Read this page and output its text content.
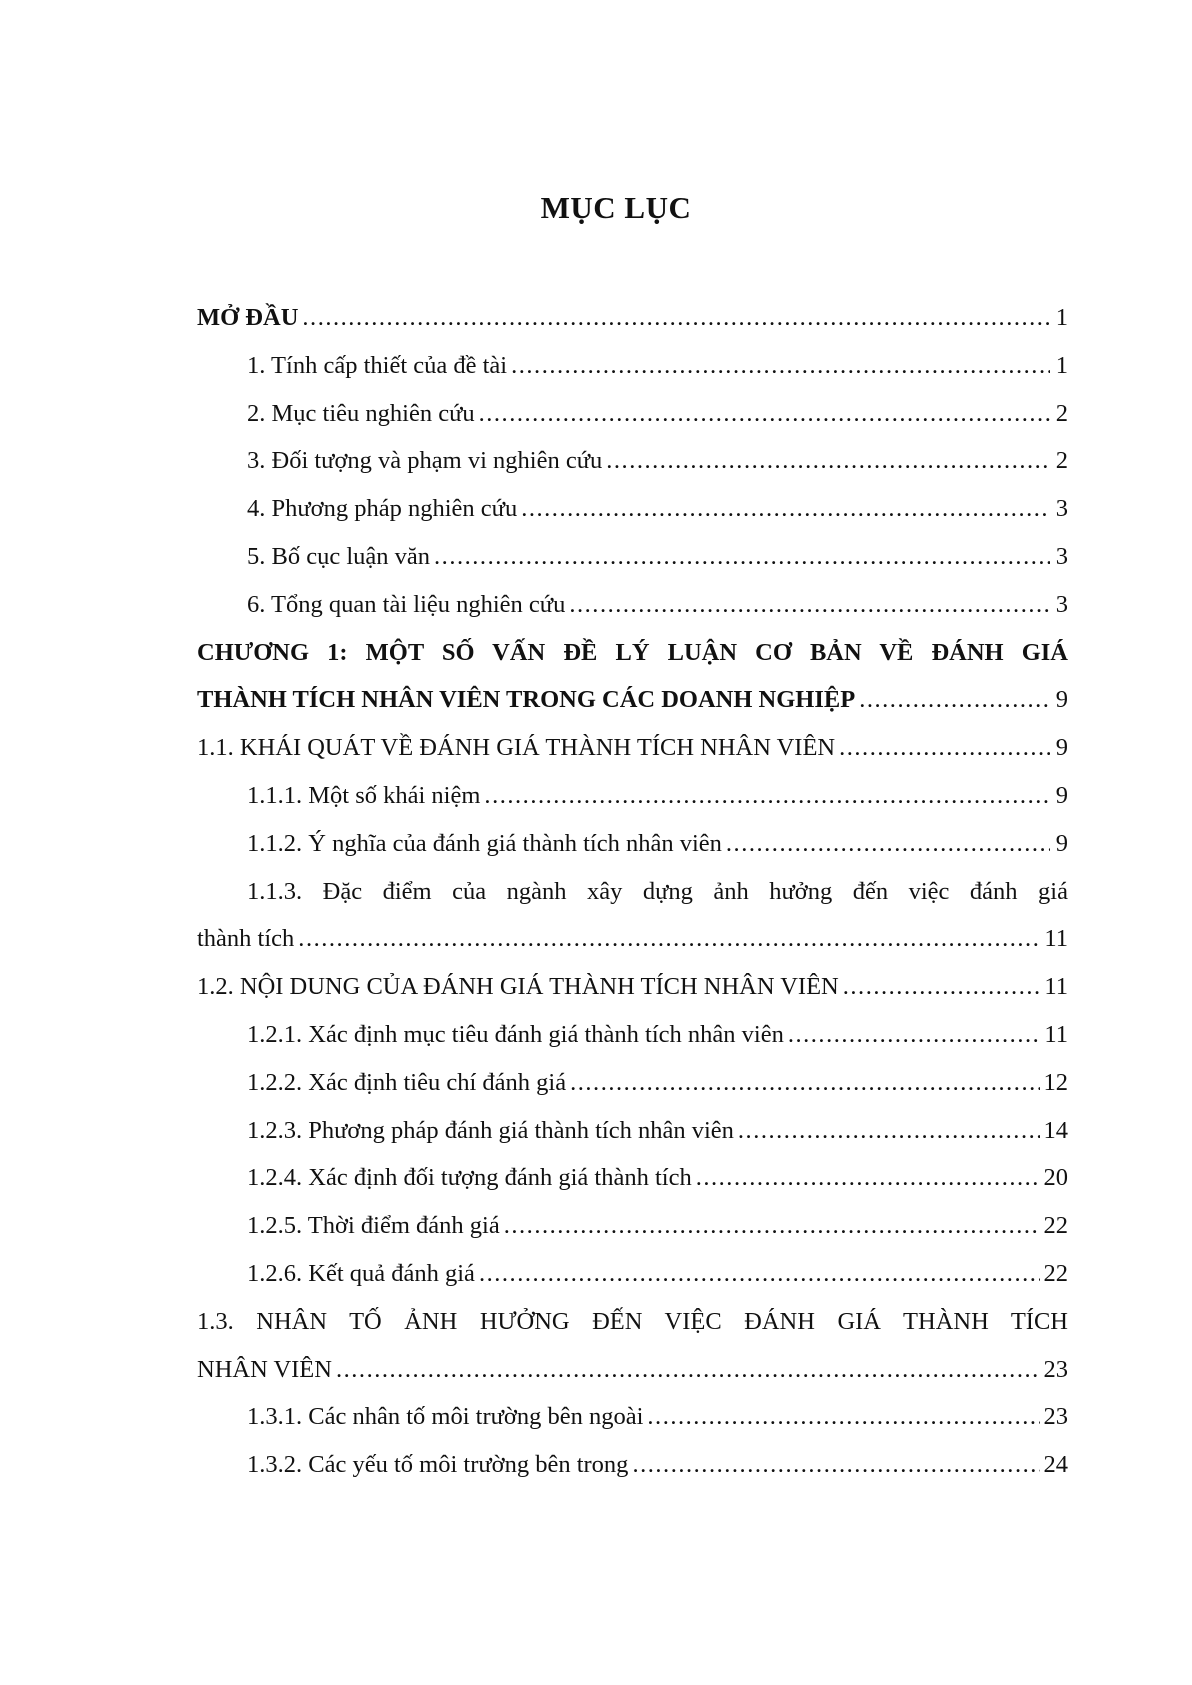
MỤC LỤC
MỞ ĐẦU . . .	1
1. Tính cấp thiết của đề tài . . .	1
2. Mục tiêu nghiên cứu . . .	2
3. Đối tượng và phạm vi nghiên cứu . . .	2
4. Phương pháp nghiên cứu . . .	3
5. Bố cục luận văn . . .	3
6. Tổng quan tài liệu nghiên cứu . . .	3
CHƯƠNG 1: MỘT SỐ VẤN ĐỀ LÝ LUẬN CƠ BẢN VỀ ĐÁNH GIÁ
THÀNH TÍCH NHÂN VIÊN TRONG CÁC DOANH NGHIỆP . . .	9
1.1. KHÁI QUÁT VỀ ĐÁNH GIÁ THÀNH TÍCH NHÂN VIÊN . . .	9
1.1.1. Một số khái niệm . . .	9
1.1.2. Ý nghĩa của đánh giá thành tích nhân viên . . .	9
1.1.3. Đặc điểm của ngành xây dựng ảnh hưởng đến việc đánh giá
thành tích . . .	11
1.2. NỘI DUNG CỦA ĐÁNH GIÁ THÀNH TÍCH NHÂN VIÊN . . .	11
1.2.1. Xác định mục tiêu đánh giá thành tích nhân viên . . .	11
1.2.2. Xác định tiêu chí đánh giá . . .	12
1.2.3. Phương pháp đánh giá thành tích nhân viên . . .	14
1.2.4. Xác định đối tượng đánh giá thành tích . . .	20
1.2.5. Thời điểm đánh giá . . .	22
1.2.6. Kết quả đánh giá . . .	22
1.3. NHÂN TỐ ẢNH HƯỞNG ĐẾN VIỆC ĐÁNH GIÁ THÀNH TÍCH
NHÂN VIÊN . . .	23
1.3.1. Các nhân tố môi trường bên ngoài . . .	23
1.3.2. Các yếu tố môi trường bên trong . . .	24
